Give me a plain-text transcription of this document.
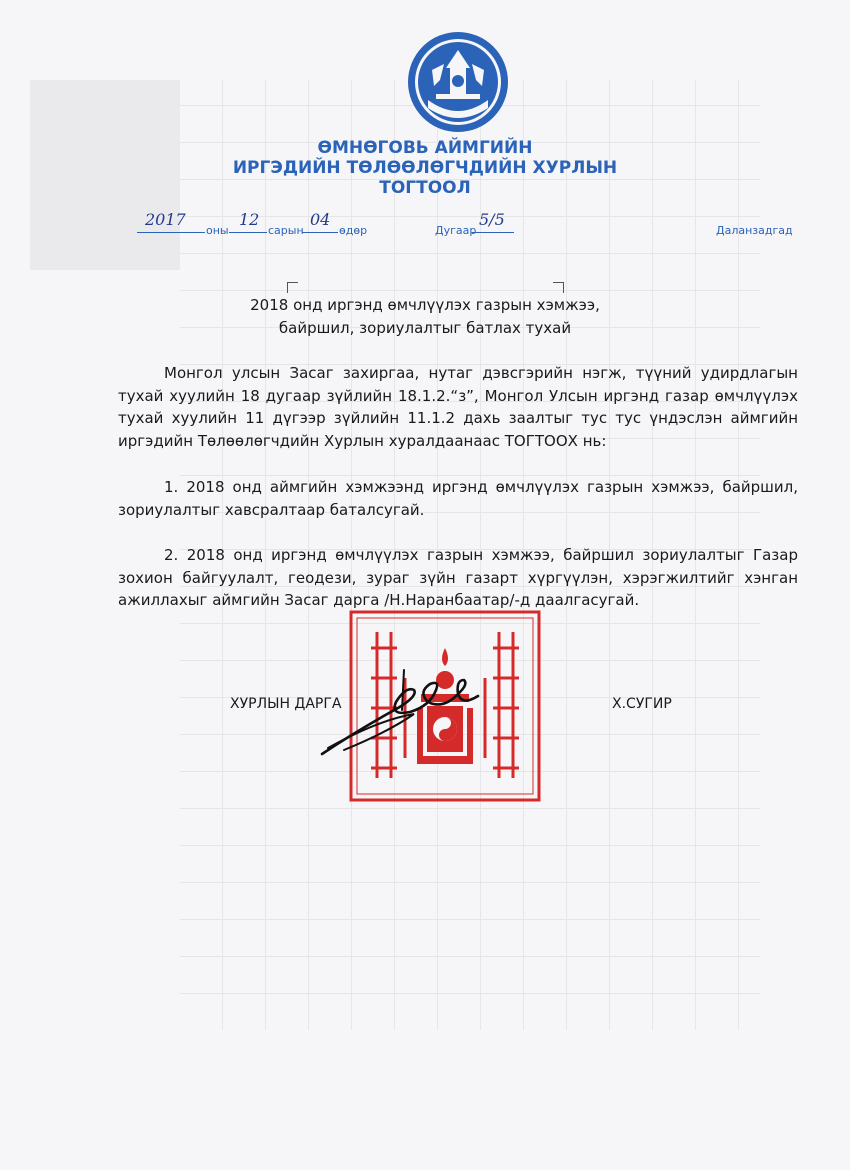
ӨМНӨГОВЬ АЙМГИЙН
ИРГЭДИЙН ТӨЛӨӨЛӨГЧДИЙН ХУРЛЫН
ТОГТООЛ
2017
оны
12
сарын
04
өдөр	Дугаар
5/5
Даланзадгад
2018 онд иргэнд өмчлүүлэх газрын хэмжээ,
байршил, зориулалтыг батлах тухай
Монгол улсын Засаг захиргаа, нутаг дэвсгэрийн нэгж, түүний удирдлагын тухай хуулийн 18 дугаар зүйлийн 18.1.2.“з”, Монгол Улсын иргэнд газар өмчлүүлэх тухай хуулийн 11 дүгээр зүйлийн 11.1.2 дахь заалтыг тус тус үндэслэн аймгийн иргэдийн Төлөөлөгчдийн Хурлын хуралдаанаас ТОГТООХ нь:
1. 2018 онд аймгийн хэмжээнд иргэнд өмчлүүлэх газрын хэмжээ, байршил, зориулалтыг хавсралтаар баталсугай.
2. 2018 онд иргэнд өмчлүүлэх газрын хэмжээ, байршил зориулалтыг Газар зохион байгуулалт, геодези, зураг зүйн газарт хүргүүлэн, хэрэгжилтийг хэнган ажиллахыг аймгийн Засаг дарга /Н.Наранбаатар/-д даалгасугай.
ХУРЛЫН ДАРГА	Х.СУГИР
